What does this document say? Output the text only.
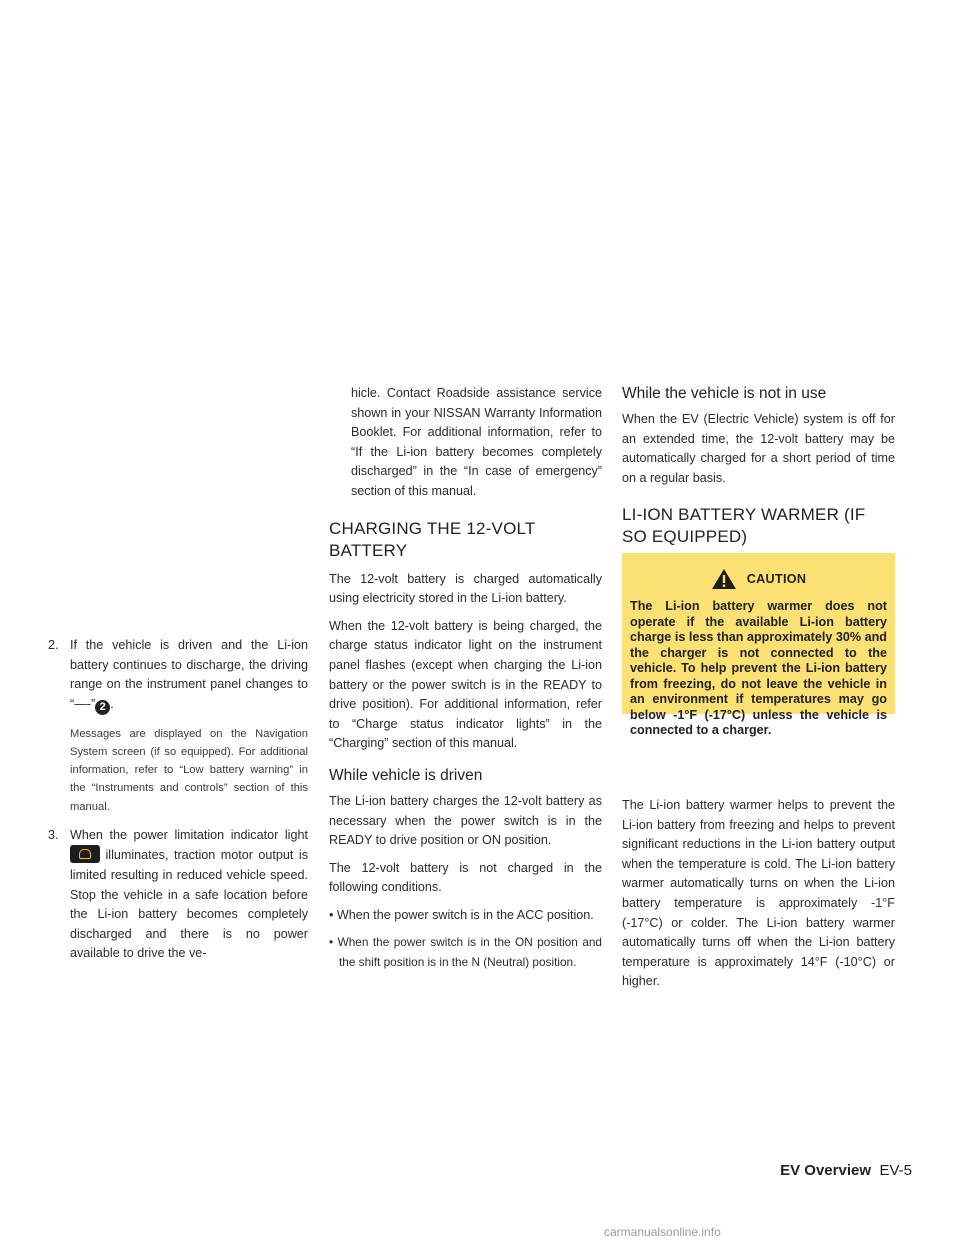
2. If the vehicle is driven and the Li-ion battery continues to discharge, the driving range on the instrument panel changes to “—-” 2 .

Messages are displayed on the Navigation System screen (if so equipped). For additional information, refer to “Low battery warning” in the “Instruments and controls” section of this manual.

3. When the power limitation indicator light  illuminates, traction motor output is limited resulting in reduced vehicle speed. Stop the vehicle in a safe location before the Li-ion battery becomes completely discharged and there is no power available to drive the ve-

hicle. Contact Roadside assistance service shown in your NISSAN Warranty Information Booklet. For additional information, refer to “If the Li-ion battery becomes completely discharged” in the “In case of emergency” section of this manual.

CHARGING THE 12-VOLT BATTERY

The 12-volt battery is charged automatically using electricity stored in the Li-ion battery.

When the 12-volt battery is being charged, the charge status indicator light on the instrument panel flashes (except when charging the Li-ion battery or the power switch is in the READY to drive position). For additional information, refer to “Charge status indicator lights” in the “Charging” section of this manual.

While vehicle is driven

The Li-ion battery charges the 12-volt battery as necessary when the power switch is in the READY to drive position or ON position.

The 12-volt battery is not charged in the following conditions.

• When the power switch is in the ACC position.

• When the power switch is in the ON position and the shift position is in the N (Neutral) position.

While the vehicle is not in use

When the EV (Electric Vehicle) system is off for an extended time, the 12-volt battery may be automatically charged for a short period of time on a regular basis.

LI-ION BATTERY WARMER (IF SO EQUIPPED)
CAUTION

The Li-ion battery warmer does not operate if the available Li-ion battery charge is less than approximately 30% and the charger is not connected to the vehicle. To help prevent the Li-ion battery from freezing, do not leave the vehicle in an environment if temperatures may go below -1°F (-17°C) unless the vehicle is connected to a charger.

The Li-ion battery warmer helps to prevent the Li-ion battery from freezing and helps to prevent significant reductions in the Li-ion battery output when the temperature is cold. The Li-ion battery warmer automatically turns on when the Li-ion battery temperature is approximately -1°F (-17°C) or colder. The Li-ion battery warmer automatically turns off when the Li-ion battery temperature is approximately 14°F (-10°C) or higher.

EV Overview EV-5
carmanualsonline.info
